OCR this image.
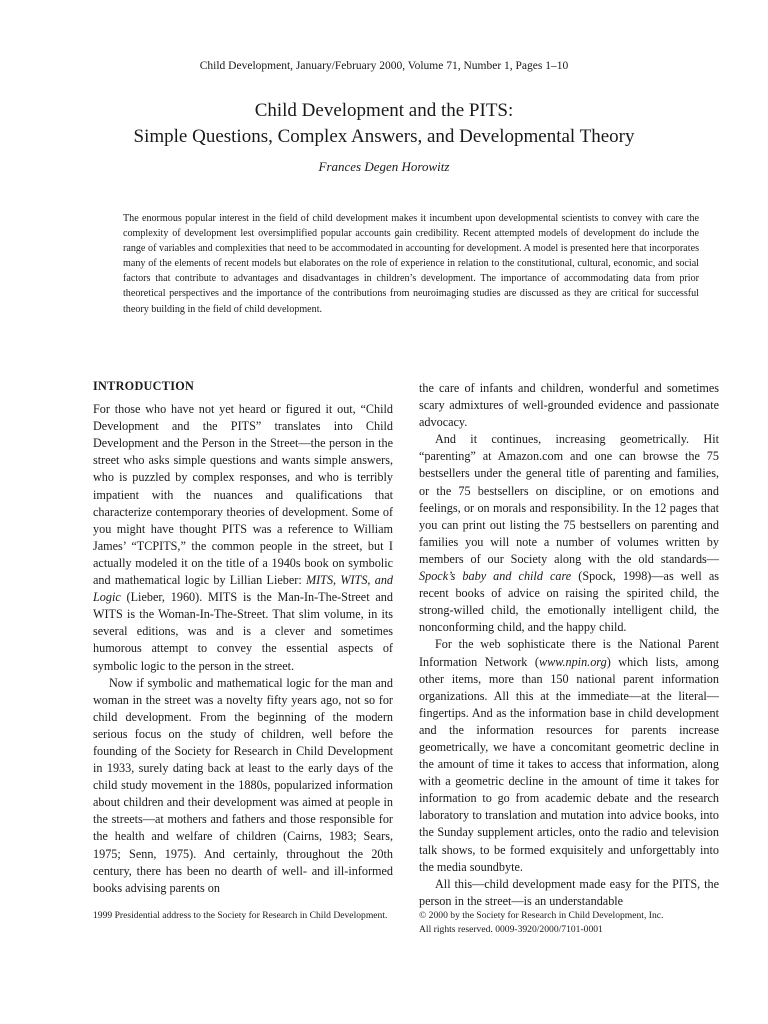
Child Development, January/February 2000, Volume 71, Number 1, Pages 1–10
Child Development and the PITS:
Simple Questions, Complex Answers, and Developmental Theory
Frances Degen Horowitz

The enormous popular interest in the field of child development makes it incumbent upon developmental scientists to convey with care the complexity of development lest oversimplified popular accounts gain credibility. Recent attempted models of development do include the range of variables and complexities that need to be accommodated in accounting for development. A model is presented here that incorporates many of the elements of recent models but elaborates on the role of experience in relation to the constitutional, cultural, economic, and social factors that contribute to advantages and disadvantages in children’s development. The importance of accommodating data from prior theoretical perspectives and the importance of the contributions from neuroimaging studies are discussed as they are critical for successful theory building in the field of child development.

INTRODUCTION

For those who have not yet heard or figured it out, “Child Development and the PITS” translates into Child Development and the Person in the Street—the person in the street who asks simple questions and wants simple answers, who is puzzled by complex responses, and who is terribly impatient with the nuances and qualifications that characterize contemporary theories of development. Some of you might have thought PITS was a reference to William James’ “TCPITS,” the common people in the street, but I actually modeled it on the title of a 1940s book on symbolic and mathematical logic by Lillian Lieber: MITS, WITS, and Logic (Lieber, 1960). MITS is the Man-In-The-Street and WITS is the Woman-In-The-Street. That slim volume, in its several editions, was and is a clever and sometimes humorous attempt to convey the essential aspects of symbolic logic to the person in the street.

Now if symbolic and mathematical logic for the man and woman in the street was a novelty fifty years ago, not so for child development. From the beginning of the modern serious focus on the study of children, well before the founding of the Society for Research in Child Development in 1933, surely dating back at least to the early days of the child study movement in the 1880s, popularized information about children and their development was aimed at people in the streets—at mothers and fathers and those responsible for the health and welfare of children (Cairns, 1983; Sears, 1975; Senn, 1975). And certainly, throughout the 20th century, there has been no dearth of well- and ill-informed books advising parents on

the care of infants and children, wonderful and sometimes scary admixtures of well-grounded evidence and passionate advocacy.

And it continues, increasing geometrically. Hit “parenting” at Amazon.com and one can browse the 75 bestsellers under the general title of parenting and families, or the 75 bestsellers on discipline, or on emotions and feelings, or on morals and responsibility. In the 12 pages that you can print out listing the 75 bestsellers on parenting and families you will note a number of volumes written by members of our Society along with the old standards—Spock’s baby and child care (Spock, 1998)—as well as recent books of advice on raising the spirited child, the strong-willed child, the emotionally intelligent child, the nonconforming child, and the happy child.

For the web sophisticate there is the National Parent Information Network (www.npin.org) which lists, among other items, more than 150 national parent information organizations. All this at the immediate—at the literal—fingertips. And as the information base in child development and the information resources for parents increase geometrically, we have a concomitant geometric decline in the amount of time it takes to access that information, along with a geometric decline in the amount of time it takes for information to go from academic debate and the research laboratory to translation and mutation into advice books, into the Sunday supplement articles, onto the radio and television talk shows, to be formed exquisitely and unforgettably into the media soundbyte.

All this—child development made easy for the PITS, the person in the street—is an understandable

1999 Presidential address to the Society for Research in Child Development.	© 2000 by the Society for Research in Child Development, Inc.
All rights reserved. 0009-3920/2000/7101-0001
